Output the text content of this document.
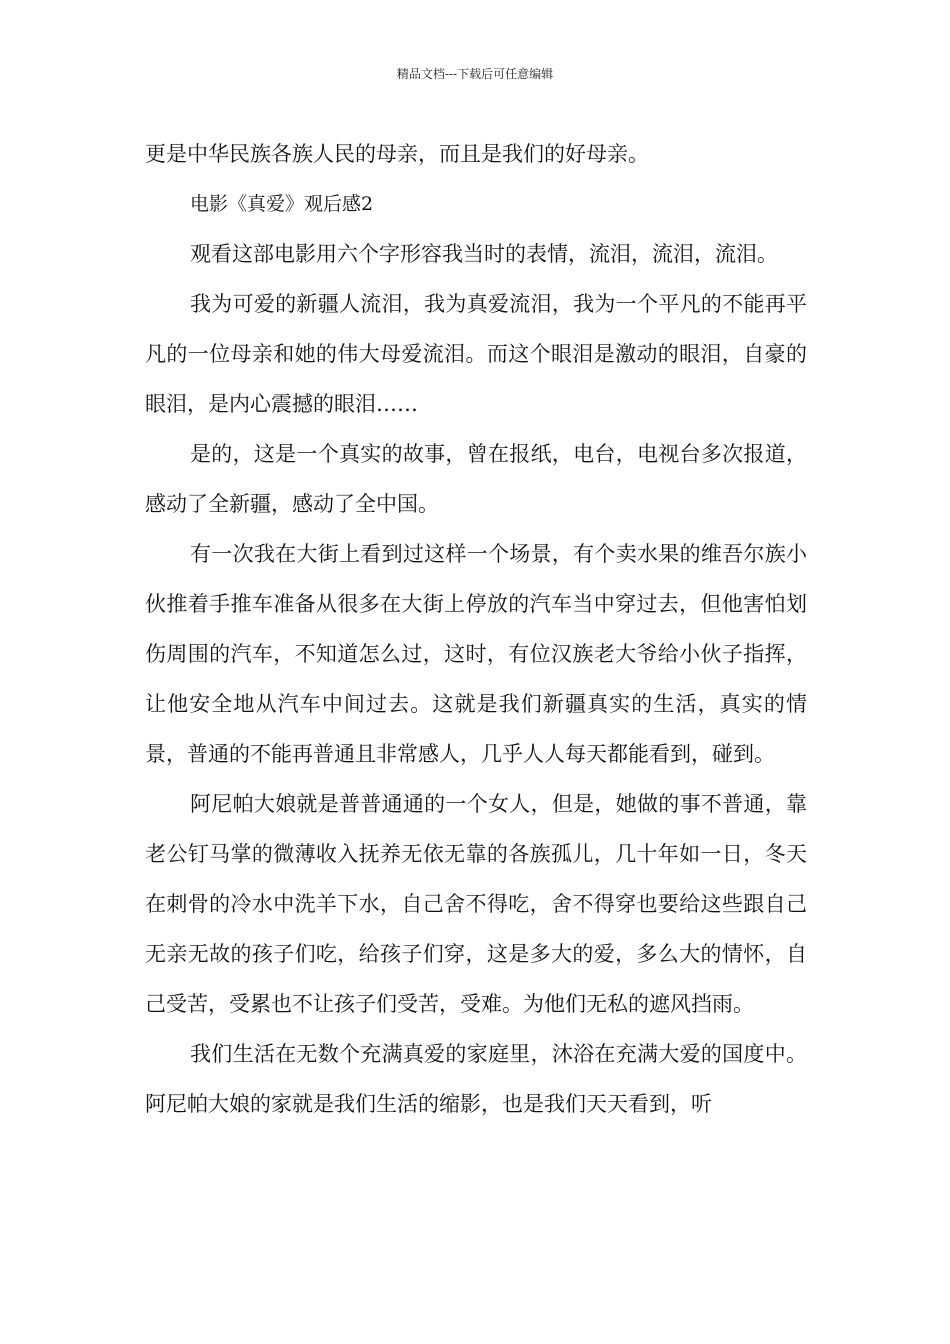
精品文档---下载后可任意编辑

更是中华民族各族人民的母亲，而且是我们的好母亲。

电影《真爱》观后感2

观看这部电影用六个字形容我当时的表情，流泪，流泪，流泪。

我为可爱的新疆人流泪，我为真爱流泪，我为一个平凡的不能再平凡的一位母亲和她的伟大母爱流泪。而这个眼泪是激动的眼泪，自豪的眼泪，是内心震撼的眼泪……

是的，这是一个真实的故事，曾在报纸，电台，电视台多次报道，感动了全新疆，感动了全中国。

有一次我在大街上看到过这样一个场景，有个卖水果的维吾尔族小伙推着手推车准备从很多在大街上停放的汽车当中穿过去，但他害怕划伤周围的汽车，不知道怎么过，这时，有位汉族老大爷给小伙子指挥，让他安全地从汽车中间过去。这就是我们新疆真实的生活，真实的情景，普通的不能再普通且非常感人，几乎人人每天都能看到，碰到。

阿尼帕大娘就是普普通通的一个女人，但是，她做的事不普通，靠老公钉马掌的微薄收入抚养无依无靠的各族孤儿，几十年如一日，冬天在刺骨的冷水中洗羊下水，自己舍不得吃，舍不得穿也要给这些跟自己无亲无故的孩子们吃，给孩子们穿，这是多大的爱，多么大的情怀，自己受苦，受累也不让孩子们受苦，受难。为他们无私的遮风挡雨。

我们生活在无数个充满真爱的家庭里，沐浴在充满大爱的国度中。阿尼帕大娘的家就是我们生活的缩影，也是我们天天看到，听
